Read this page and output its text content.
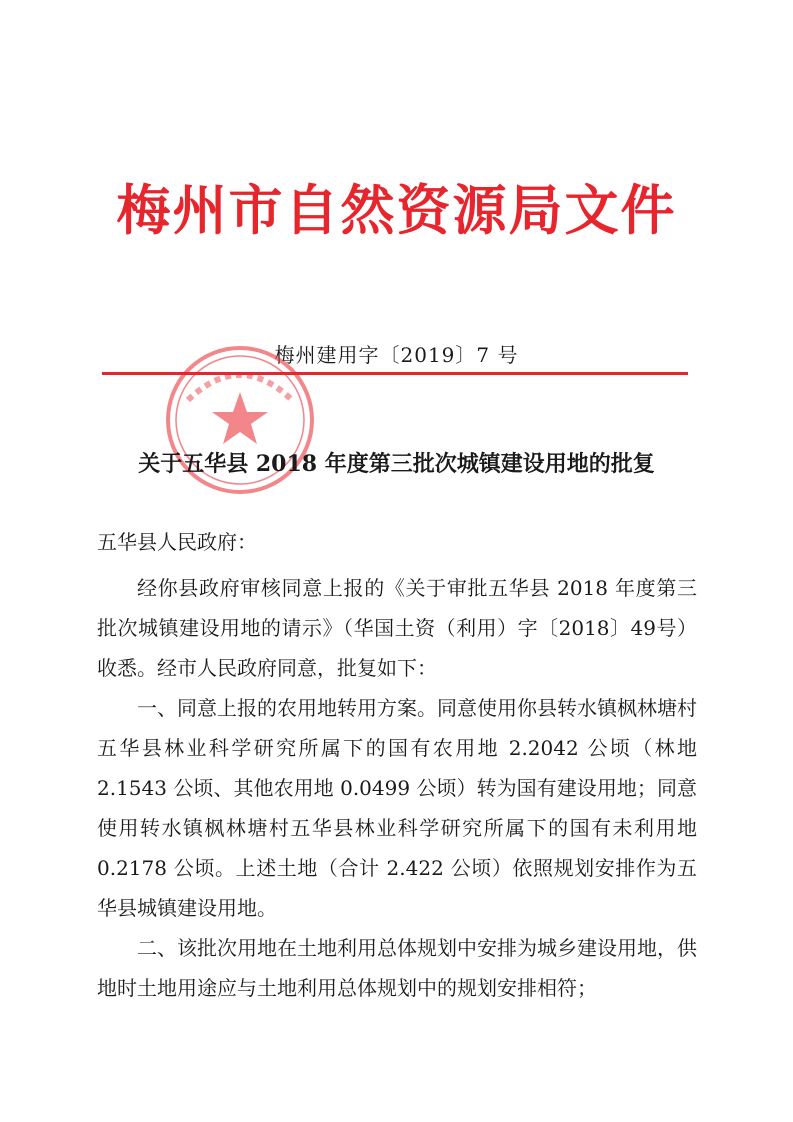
梅州市自然资源局文件
梅州建用字〔2019〕7 号
关于五华县 2018 年度第三批次城镇建设用地的批复

五华县人民政府：

经你县政府审核同意上报的《关于审批五华县 2018 年度第三批次城镇建设用地的请示》（华国土资（利用）字〔2018〕49号）收悉。经市人民政府同意，批复如下：

一、同意上报的农用地转用方案。同意使用你县转水镇枫林塘村五华县林业科学研究所属下的国有农用地 2.2042 公顷（林地 2.1543 公顷、其他农用地 0.0499 公顷）转为国有建设用地；同意使用转水镇枫林塘村五华县林业科学研究所属下的国有未利用地 0.2178 公顷。上述土地（合计 2.422 公顷）依照规划安排作为五华县城镇建设用地。

二、该批次用地在土地利用总体规划中安排为城乡建设用地，供地时土地用途应与土地利用总体规划中的规划安排相符；
